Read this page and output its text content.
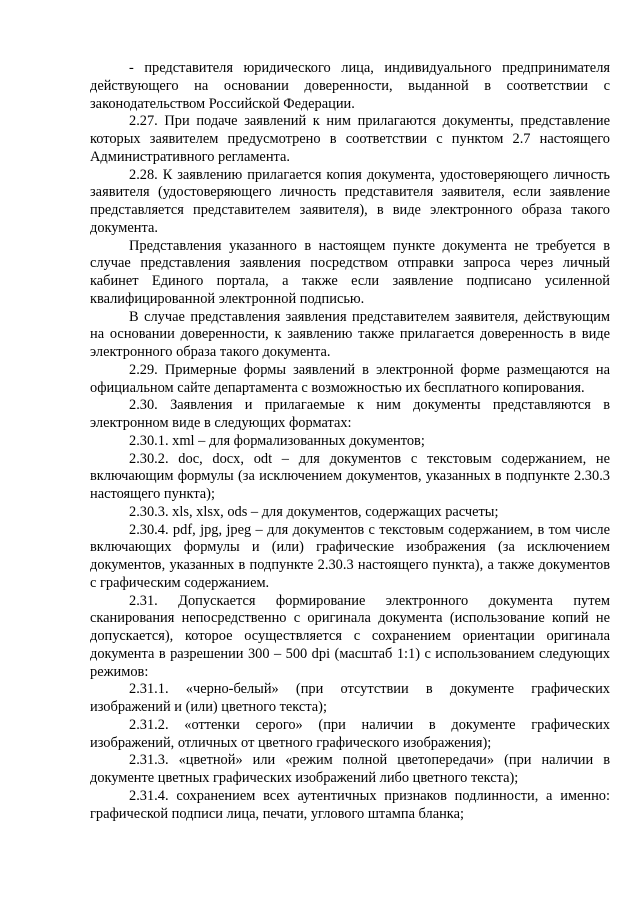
- представителя юридического лица, индивидуального предпринимателя действующего на основании доверенности, выданной в соответствии с законодательством Российской Федерации.

2.27. При подаче заявлений к ним прилагаются документы, представление которых заявителем предусмотрено в соответствии с пунктом 2.7 настоящего Административного регламента.

2.28. К заявлению прилагается копия документа, удостоверяющего личность заявителя (удостоверяющего личность представителя заявителя, если заявление представляется представителем заявителя), в виде электронного образа такого документа.

Представления указанного в настоящем пункте документа не требуется в случае представления заявления посредством отправки запроса через личный кабинет Единого портала, а также если заявление подписано усиленной квалифицированной электронной подписью.

В случае представления заявления представителем заявителя, действующим на основании доверенности, к заявлению также прилагается доверенность в виде электронного образа такого документа.

2.29. Примерные формы заявлений в электронной форме размещаются на официальном сайте департамента с возможностью их бесплатного копирования.

2.30. Заявления и прилагаемые к ним документы представляются в электронном виде в следующих форматах:

2.30.1. xml – для формализованных документов;

2.30.2. doc, docx, odt – для документов с текстовым содержанием, не включающим формулы (за исключением документов, указанных в подпункте 2.30.3 настоящего пункта);

2.30.3. xls, xlsx, ods – для документов, содержащих расчеты;

2.30.4. pdf, jpg, jpeg – для документов с текстовым содержанием, в том числе включающих формулы и (или) графические изображения (за исключением документов, указанных в подпункте 2.30.3 настоящего пункта), а также документов с графическим содержанием.

2.31. Допускается формирование электронного документа путем сканирования непосредственно с оригинала документа (использование копий не допускается), которое осуществляется с сохранением ориентации оригинала документа в разрешении 300 – 500 dpi (масштаб 1:1) с использованием следующих режимов:

2.31.1. «черно-белый» (при отсутствии в документе графических изображений и (или) цветного текста);

2.31.2. «оттенки серого» (при наличии в документе графических изображений, отличных от цветного графического изображения);

2.31.3. «цветной» или «режим полной цветопередачи» (при наличии в документе цветных графических изображений либо цветного текста);

2.31.4. сохранением всех аутентичных признаков подлинности, а именно: графической подписи лица, печати, углового штампа бланка;
